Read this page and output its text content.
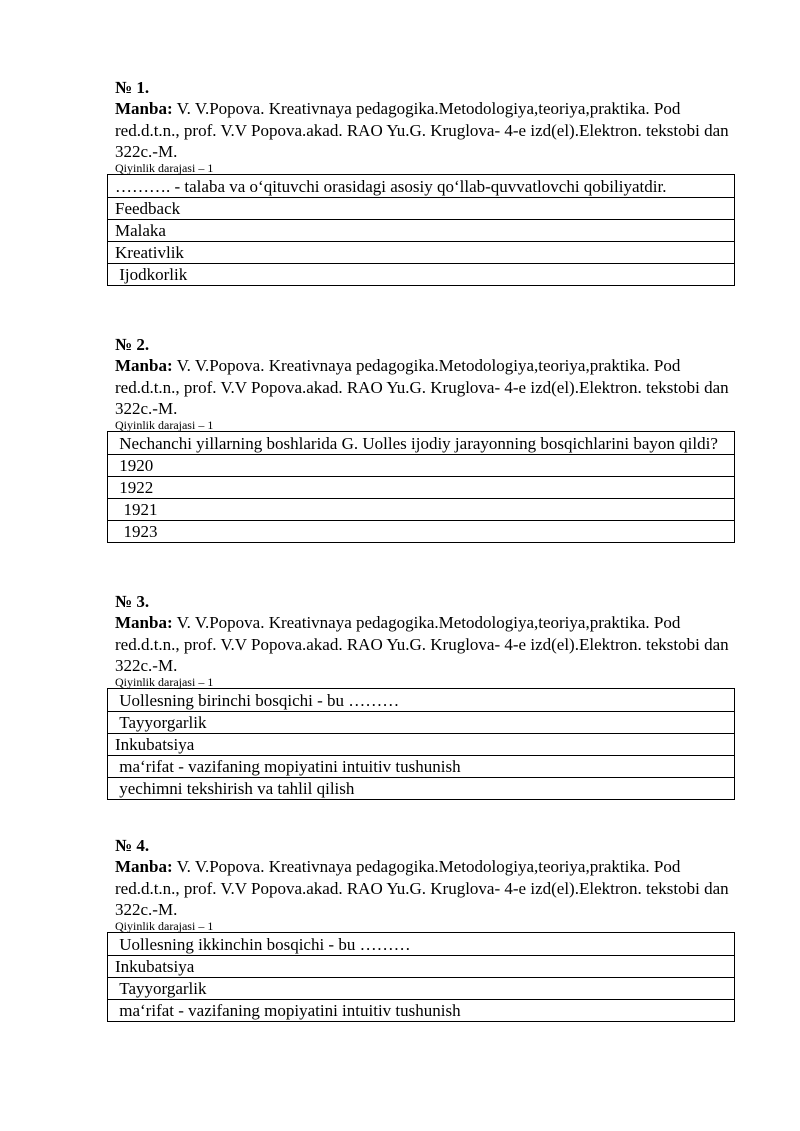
№ 1.
Manba: V. V.Popova. Kreativnaya pedagogika.Metodologiya,teoriya,praktika. Pod red.d.t.n., prof. V.V Popova.akad. RAO Yu.G. Kruglova- 4-e izd(el).Elektron. tekstobi dan 322c.-M.
Qiyinlik darajasi – 1
………. - talaba va o‘qituvchi orasidagi asosiy qo‘llab-quvvatlovchi qobiliyatdir.
Feedback
Malaka
Kreativlik
Ijodkorlik
№ 2.
Manba: V. V.Popova. Kreativnaya pedagogika.Metodologiya,teoriya,praktika. Pod red.d.t.n., prof. V.V Popova.akad. RAO Yu.G. Kruglova- 4-e izd(el).Elektron. tekstobi dan 322c.-M.
Qiyinlik darajasi – 1
Nechanchi yillarning boshlarida G. Uolles ijodiy jarayonning bosqichlarini bayon qildi?
1920
1922
1921
1923
№ 3.
Manba: V. V.Popova. Kreativnaya pedagogika.Metodologiya,teoriya,praktika. Pod red.d.t.n., prof. V.V Popova.akad. RAO Yu.G. Kruglova- 4-e izd(el).Elektron. tekstobi dan 322c.-M.
Qiyinlik darajasi – 1
Uollesning birinchi bosqichi - bu ………
Tayyorgarlik
Inkubatsiya
ma‘rifat - vazifaning mopiyatini intuitiv tushunish
yechimni tekshirish va tahlil qilish
№ 4.
Manba: V. V.Popova. Kreativnaya pedagogika.Metodologiya,teoriya,praktika. Pod red.d.t.n., prof. V.V Popova.akad. RAO Yu.G. Kruglova- 4-e izd(el).Elektron. tekstobi dan 322c.-M.
Qiyinlik darajasi – 1
Uollesning ikkinchin bosqichi - bu ………
Inkubatsiya
Tayyorgarlik
ma‘rifat - vazifaning mopiyatini intuitiv tushunish
